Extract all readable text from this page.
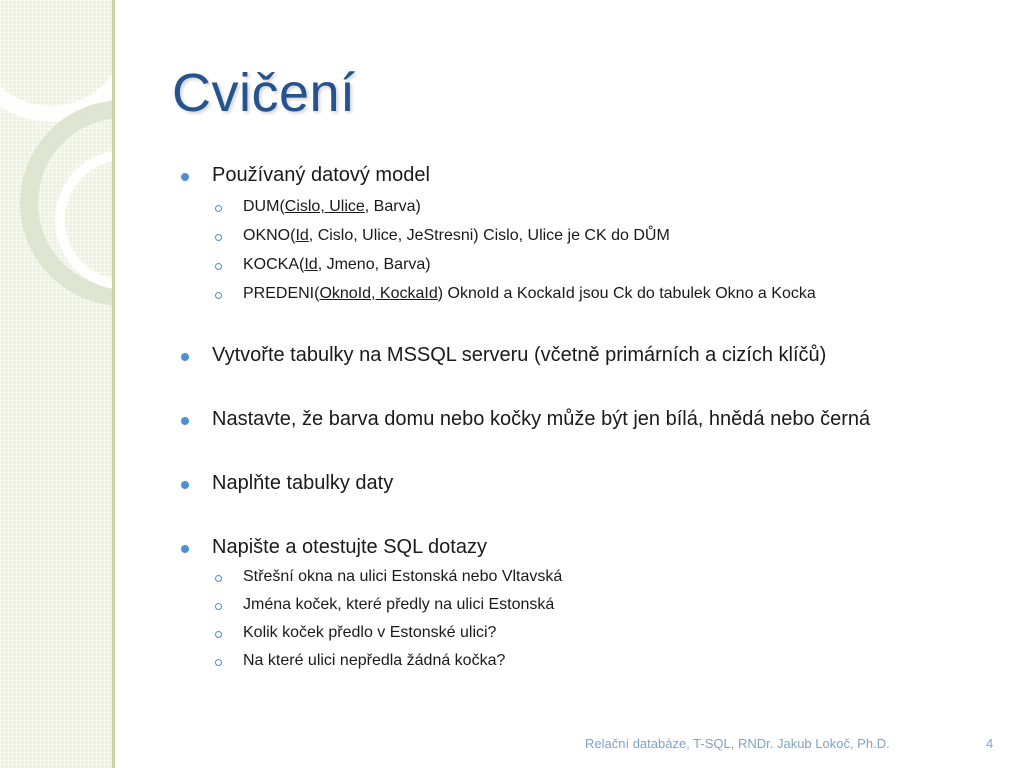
Cvičení
Používaný datový model
DUM(Cislo, Ulice, Barva)
OKNO(Id, Cislo, Ulice, JeStresni) Cislo, Ulice je CK do DŮM
KOCKA(Id, Jmeno, Barva)
PREDENI(OknoId, KockaId) OknoId a KockaId jsou Ck do tabulek Okno a Kocka
Vytvořte tabulky na MSSQL serveru (včetně primárních a cizích klíčů)
Nastavte, že barva domu nebo kočky může být jen bílá, hnědá nebo černá
Naplňte tabulky daty
Napište a otestujte SQL dotazy
Střešní okna na ulici Estonská nebo Vltavská
Jména koček, které předly na ulici Estonská
Kolik koček předlo v Estonské ulici?
Na které ulici nepředla žádná kočka?
Relační databáze, T-SQL, RNDr. Jakub Lokoč, Ph.D.	4
